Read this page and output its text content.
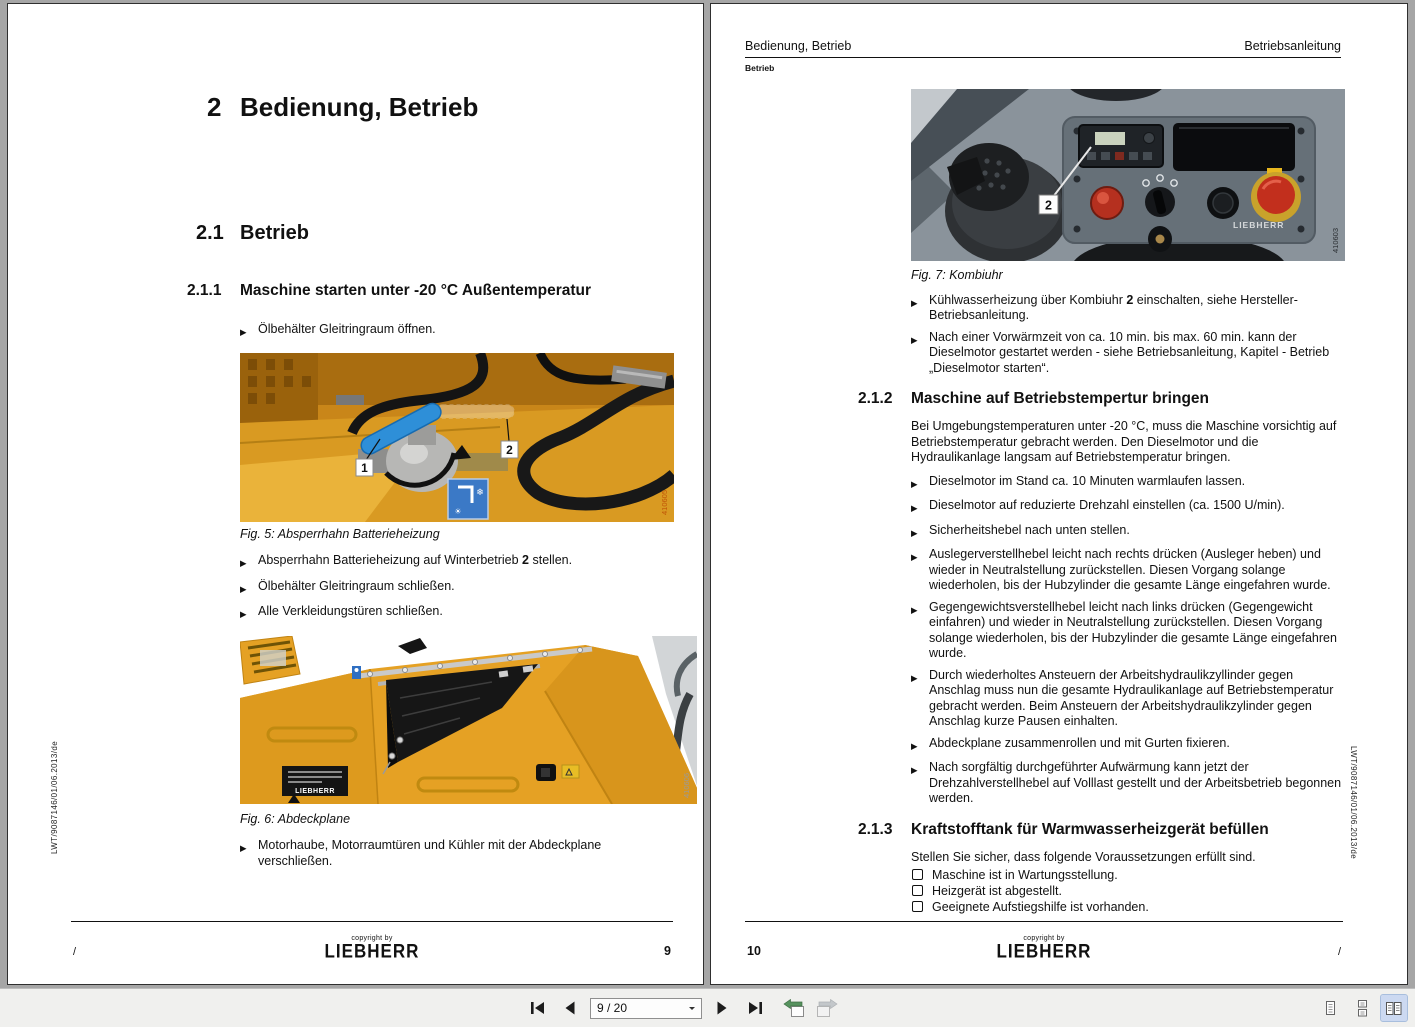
LWT/9087146/01/06.2013/de
2 Bedienung, Betrieb
2.1 Betrieb
2.1.1 Maschine starten unter -20 °C Außentemperatur
▶ Ölbehälter Gleitringraum öffnen.
1
2
❄
☀	410605
Fig. 5: Absperrhahn Batterieheizung
▶ Absperrhahn Batterieheizung auf Winterbetrieb 2 stellen.
▶ Ölbehälter Gleitringraum schließen.
▶ Alle Verkleidungstüren schließen.
LIEBHERR	410606
Fig. 6: Abdeckplane
▶ Motorhaube, Motorraumtüren und Kühler mit der Abdeckplane verschließen.
/
copyright by
LIEBHERR	9
Bedienung, Betrieb	Betriebsanleitung
Betrieb
LWT/9087146/01/06.2013/de
LIEBHERR
2
410603
Fig. 7: Kombiuhr
▶ Kühlwasserheizung über Kombiuhr 2 einschalten, siehe Hersteller-Betriebsanleitung.
▶ Nach einer Vorwärmzeit von ca. 10 min. bis max. 60 min. kann der Dieselmotor gestartet werden - siehe Betriebsanleitung, Kapitel - Betrieb „Dieselmotor starten“.
2.1.2 Maschine auf Betriebstempertur bringen
Bei Umgebungstemperaturen unter -20 °C, muss die Maschine vorsichtig auf Betriebstemperatur gebracht werden. Den Dieselmotor und die Hydraulikanlage langsam auf Betriebstemperatur bringen.
▶ Dieselmotor im Stand ca. 10 Minuten warmlaufen lassen.
▶ Dieselmotor auf reduzierte Drehzahl einstellen (ca. 1500 U/min).
▶ Sicherheitshebel nach unten stellen.
▶ Auslegerverstellhebel leicht nach rechts drücken (Ausleger heben) und wieder in Neutralstellung zurückstellen. Diesen Vorgang solange wiederholen, bis der Hubzylinder die gesamte Länge eingefahren wurde.
▶ Gegengewichtsverstellhebel leicht nach links drücken (Gegengewicht einfahren) und wieder in Neutralstellung zurückstellen. Diesen Vorgang solange wiederholen, bis der Hubzylinder die gesamte Länge eingefahren wurde.
▶ Durch wiederholtes Ansteuern der Arbeitshydraulikzyllinder gegen Anschlag muss nun die gesamte Hydraulikanlage auf Betriebstemperatur gebracht werden. Beim Ansteuern der Arbeitshydraulikzylinder gegen Anschlag kurze Pausen einhalten.
▶ Abdeckplane zusammenrollen und mit Gurten fixieren.
▶ Nach sorgfältig durchgeführter Aufwärmung kann jetzt der Drehzahlverstellhebel auf Volllast gestellt und der Arbeitsbetrieb begonnen werden.
2.1.3 Kraftstofftank für Warmwasserheizgerät befüllen
Stellen Sie sicher, dass folgende Voraussetzungen erfüllt sind.
Maschine ist in Wartungsstellung.
Heizgerät ist abgestellt.
Geeignete Aufstiegshilfe ist vorhanden.
10
copyright by
LIEBHERR	/
9 / 20
